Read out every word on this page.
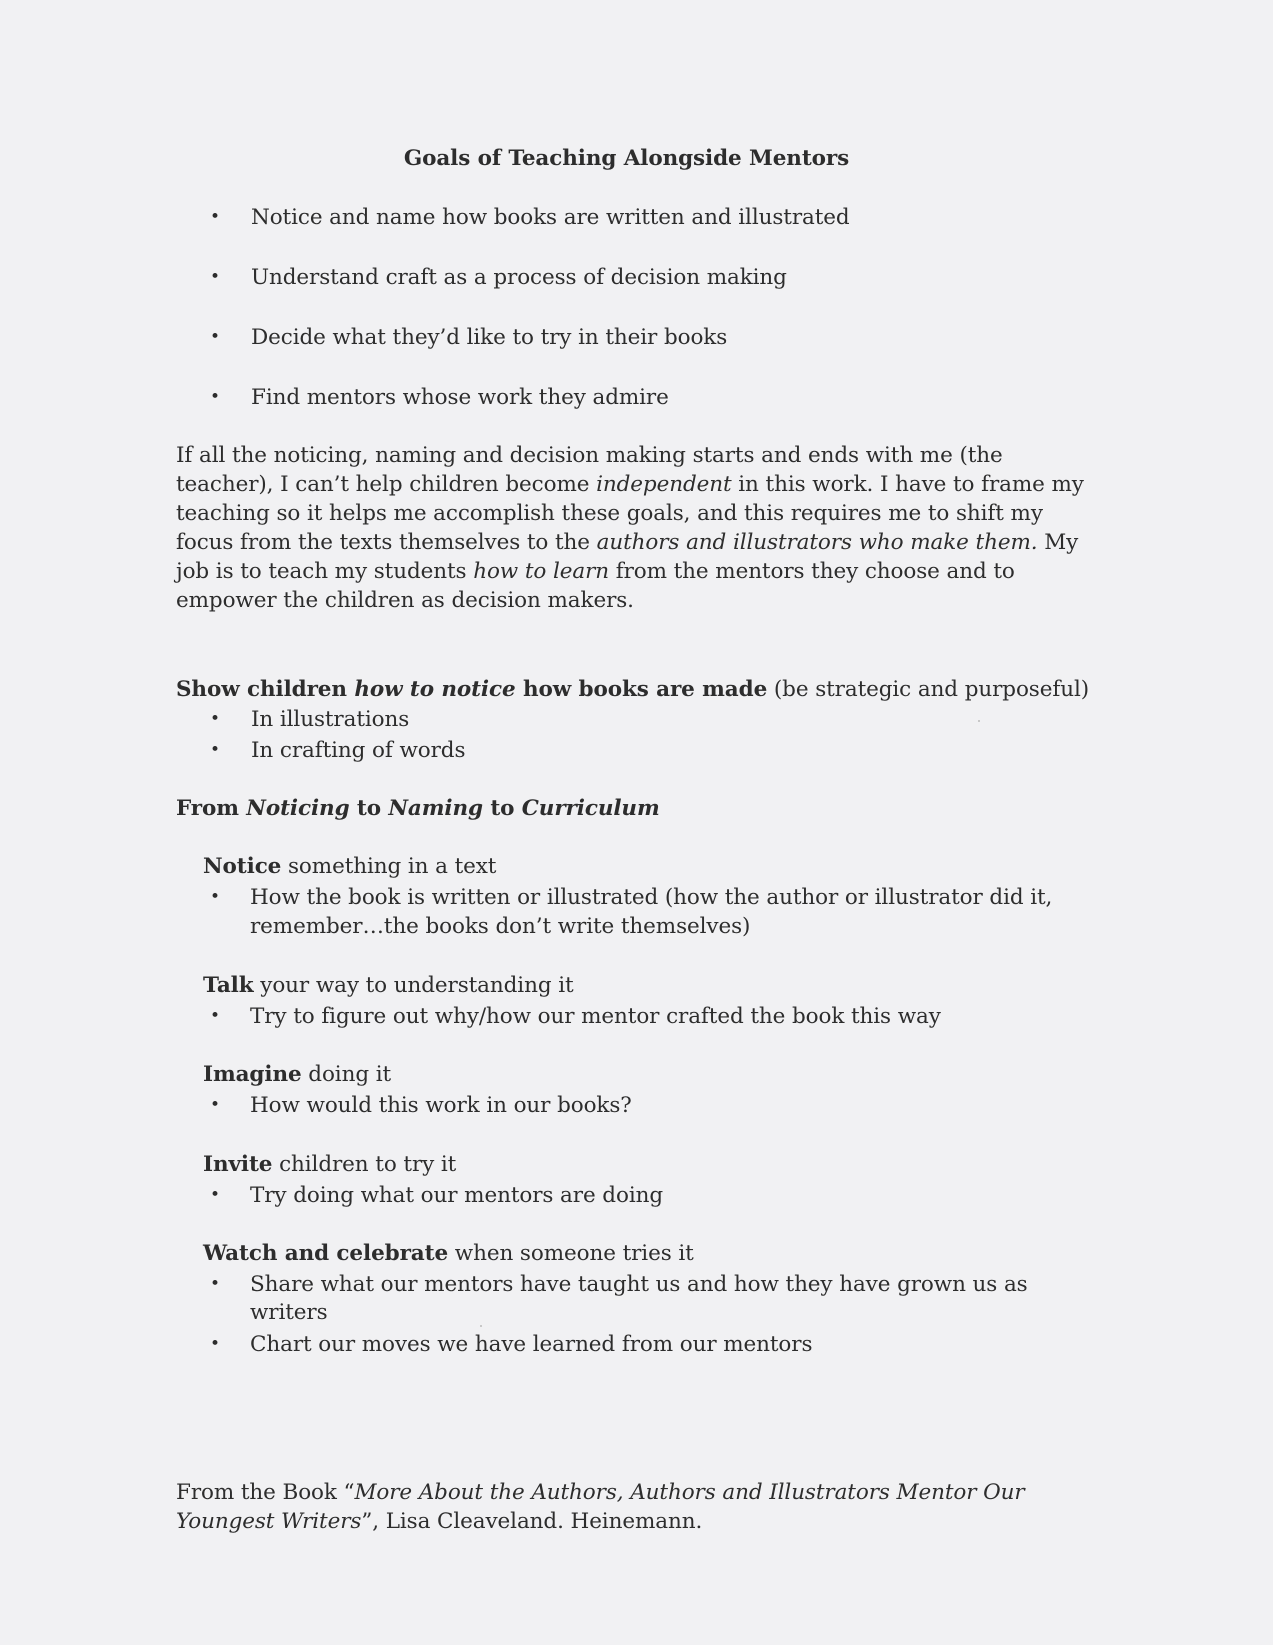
Goals of Teaching Alongside Mentors
• Notice and name how books are written and illustrated
• Understand craft as a process of decision making
• Decide what they’d like to try in their books
• Find mentors whose work they admire
If all the noticing, naming and decision making starts and ends with me (the
teacher), I can’t help children become independent in this work. I have to frame my
teaching so it helps me accomplish these goals, and this requires me to shift my
focus from the texts themselves to the authors and illustrators who make them. My
job is to teach my students how to learn from the mentors they choose and to
empower the children as decision makers.
Show children how to notice how books are made (be strategic and purposeful)
• In illustrations
• In crafting of words
From Noticing to Naming to Curriculum
Notice something in a text
• How the book is written or illustrated (how the author or illustrator did it,
remember…the books don’t write themselves)
Talk your way to understanding it
• Try to figure out why/how our mentor crafted the book this way
Imagine doing it
• How would this work in our books?
Invite children to try it
• Try doing what our mentors are doing
Watch and celebrate when someone tries it
• Share what our mentors have taught us and how they have grown us as
writers
• Chart our moves we have learned from our mentors
From the Book “More About the Authors, Authors and Illustrators Mentor Our
Youngest Writers”, Lisa Cleaveland. Heinemann.
